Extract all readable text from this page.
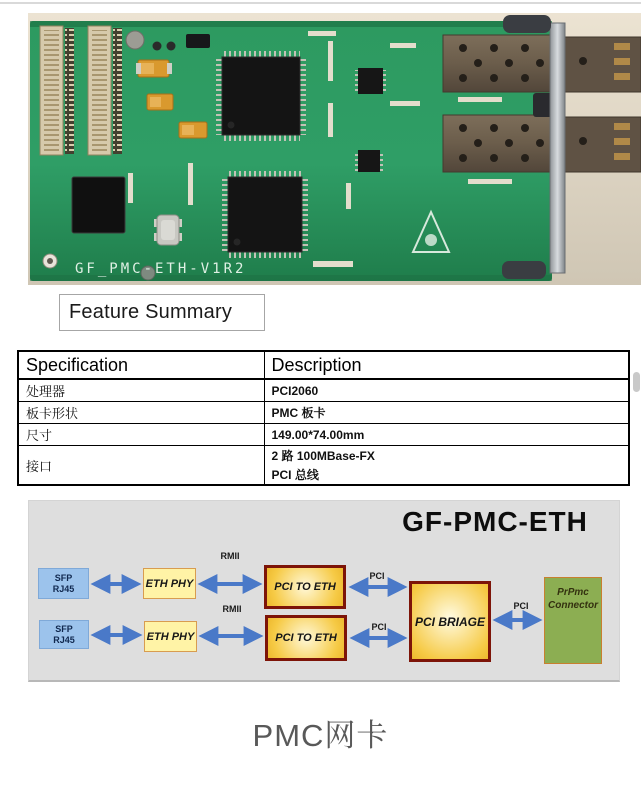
GF_PMC-ETH-V1R2
Feature Summary
Specification	Description
处理器	PCI2060
板卡形状	PMC 板卡
尺寸	149.00*74.00mm
接口	2 路 100MBase-FX
PCI 总线
GF-PMC-ETH
SFP
RJ45	ETH PHY	PCI TO ETH
RMII
PCI
SFP
RJ45	ETH PHY	PCI TO ETH
RMII
PCI	PCI BRIAGE
PCI
PrPmc
Connector
PMC网卡
